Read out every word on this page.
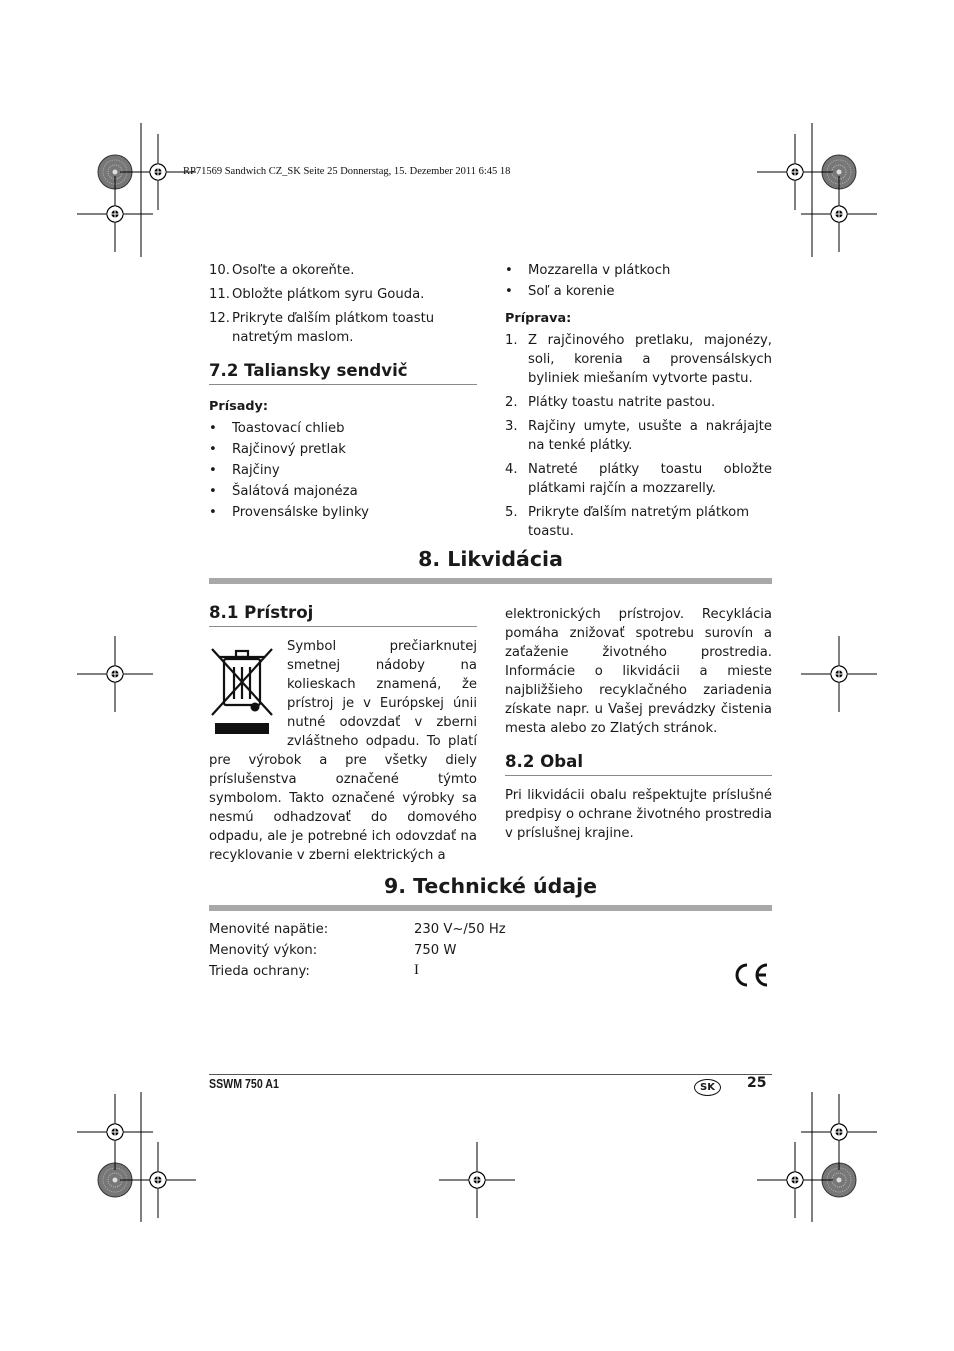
RP71569 Sandwich CZ_SK Seite 25 Donnerstag, 15. Dezember 2011 6:45 18
10. Osoľte a okoreňte.
11. Obložte plátkom syru Gouda.
12. Prikryte ďalším plátkom toastu natretým maslom.
7.2 Taliansky sendvič
Prísady:
• Toastovací chlieb
• Rajčinový pretlak
• Rajčiny
• Šalátová majonéza
• Provensálske bylinky
• Mozzarella v plátkoch
• Soľ a korenie
Príprava:
1. Z rajčinového pretlaku, majonézy, soli, korenia a provensálskych byliniek miešaním vytvorte pastu.
2. Plátky toastu natrite pastou.
3. Rajčiny umyte, usušte a nakrájajte na tenké plátky.
4. Natreté plátky toastu obložte plátkami rajčín a mozzarelly.
5. Prikryte ďalším natretým plátkom toastu.
8. Likvidácia
8.1 Prístroj
Symbol prečiarknutej smetnej nádoby na kolieskach znamená, že prístroj je v Európskej únii nutné odovzdať v zberni zvláštneho odpadu. To platí pre výrobok a pre všetky diely príslušenstva označené týmto symbolom. Takto označené výrobky sa nesmú odhadzovať do domového odpadu, ale je potrebné ich odovzdať na recyklovanie v zberni elektrických a
elektronických prístrojov. Recyklácia pomáha znižovať spotrebu surovín a zaťaženie životného prostredia. Informácie o likvidácii a mieste najbližšieho recyklačného zariadenia získate napr. u Vašej prevádzky čistenia mesta alebo zo Zlatých stránok.
8.2 Obal
Pri likvidácii obalu rešpektujte príslušné predpisy o ochrane životného prostredia v príslušnej krajine.
9. Technické údaje
Menovité napätie:	230 V~/50 Hz
Menovitý výkon:	750 W
Trieda ochrany:	I
SSWM 750 A1	SK	25
